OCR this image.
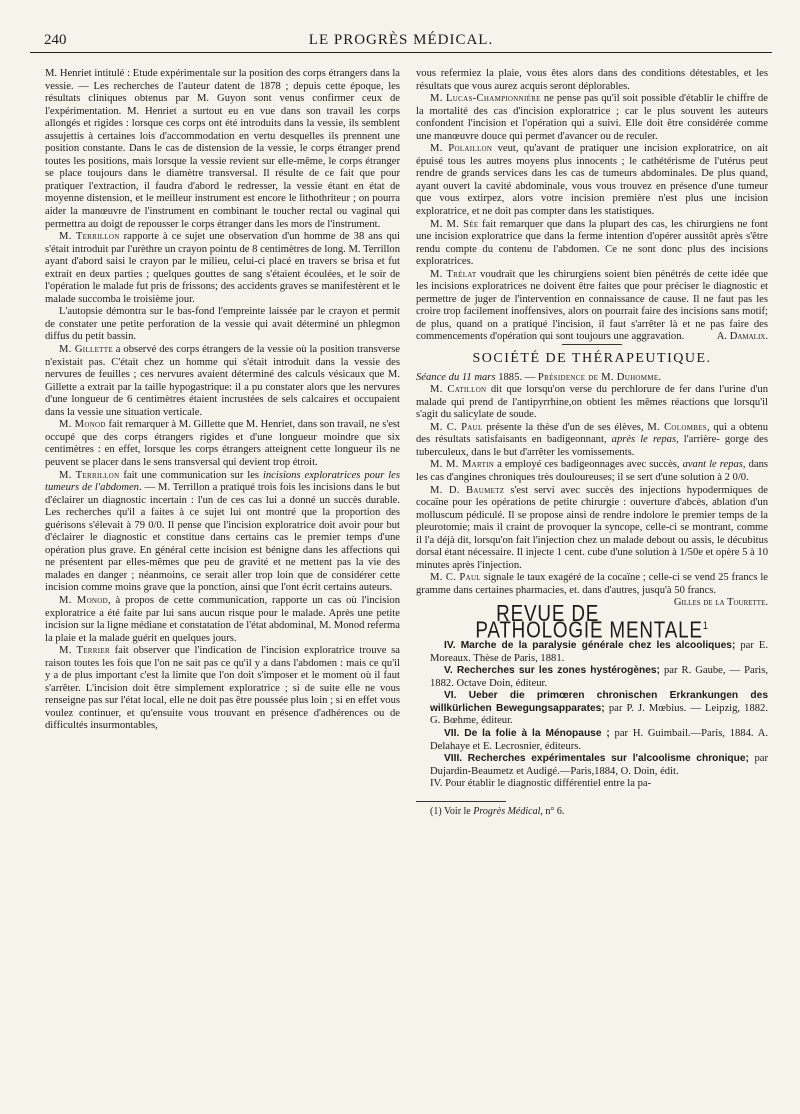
240	LE PROGRÈS MÉDICAL.

M. Henriet intitulé : Etude expérimentale sur la position des corps étrangers dans la vessie. — Les recherches de l'auteur datent de 1878 ; depuis cette époque, les résultats cliniques obtenus par M. Guyon sont venus confirmer ceux de l'expérimentation. M. Henriet a surtout eu en vue dans son travail les corps allongés et rigides : lorsque ces corps ont été introduits dans la vessie, ils semblent assujettis à certaines lois d'accommodation en vertu desquelles ils prennent une position constante. Dans le cas de distension de la vessie, le corps étranger prend toutes les positions, mais lorsque la vessie revient sur elle-même, le corps étranger se place toujours dans le diamètre transversal. Il résulte de ce fait que pour pratiquer l'extraction, il faudra d'abord le redresser, la vessie étant en état de moyenne distension, et le meilleur instrument est encore le lithothriteur ; on pourra aider la manœuvre de l'instrument en combinant le toucher rectal ou vaginal qui permettra au doigt de repousser le corps étranger dans les mors de l'instrument.

M. Terrillon rapporte à ce sujet une observation d'un homme de 38 ans qui s'était introduit par l'urèthre un crayon pointu de 8 centimètres de long. M. Terrillon ayant d'abord saisi le crayon par le milieu, celui-ci placé en travers se brisa et fut extrait en deux parties ; quelques gouttes de sang s'étaient écoulées, et le soir de l'opération le malade fut pris de frissons; des accidents graves se manifestèrent et le malade succomba le troisième jour.

L'autopsie démontra sur le bas-fond l'empreinte laissée par le crayon et permit de constater une petite perforation de la vessie qui avait déterminé un phlegmon diffus du petit bassin.

M. Gillette a observé des corps étrangers de la vessie où la position transverse n'existait pas. C'était chez un homme qui s'était introduit dans la vessie des nervures de feuilles ; ces nervures avaient déterminé des calculs vésicaux que M. Gillette a extrait par la taille hypogastrique: il a pu constater alors que les nervures d'une longueur de 6 centimètres étaient incrustées de sels calcaires et occupaient dans la vessie une situation verticale.

M. Monod fait remarquer à M. Gillette que M. Henriet, dans son travail, ne s'est occupé que des corps étrangers rigides et d'une longueur moindre que six centimètres : en effet, lorsque les corps étrangers atteignent cette longueur ils ne peuvent se placer dans le sens transversal qui devient trop étroit.

M. Terrillon fait une communication sur les incisions exploratrices pour les tumeurs de l'abdomen. — M. Terrillon a pratiqué trois fois les incisions dans le but d'éclairer un diagnostic incertain : l'un de ces cas lui a donné un succès durable. Les recherches qu'il a faites à ce sujet lui ont montré que la proportion des guérisons s'élevait à 79 0/0. Il pense que l'incision exploratrice doit avoir pour but d'éclairer le diagnostic et constitue dans certains cas le premier temps d'une opération plus grave. En général cette incision est bénigne dans les affections qui ne présentent par elles-mêmes que peu de gravité et ne mettent pas la vie des malades en danger ; néanmoins, ce serait aller trop loin que de considérer cette incision comme moins grave que la ponction, ainsi que l'ont écrit certains auteurs.

M. Monod, à propos de cette communication, rapporte un cas où l'incision exploratrice a été faite par lui sans aucun risque pour le malade. Après une petite incision sur la ligne médiane et constatation de l'état abdominal, M. Monod referma la plaie et la malade guérit en quelques jours.

M. Terrier fait observer que l'indication de l'incision exploratrice trouve sa raison toutes les fois que l'on ne sait pas ce qu'il y a dans l'abdomen : mais ce qu'il y a de plus important c'est la limite que l'on doit s'imposer et le moment où il faut s'arrêter. L'incision doit être simplement exploratrice ; si de suite elle ne vous renseigne pas sur l'état local, elle ne doit pas être poussée plus loin ; si en effet vous voulez continuer, et qu'ensuite vous trouvant en présence d'adhérences ou de difficultés insurmontables,

vous refermiez la plaie, vous êtes alors dans des conditions détestables, et les résultats que vous aurez acquis seront déplorables.

M. Lucas-Championnière ne pense pas qu'il soit possible d'établir le chiffre de la mortalité des cas d'incision exploratrice ; car le plus souvent les auteurs confondent l'incision et l'opération qui a suivi. Elle doit être considérée comme une manœuvre douce qui permet d'avancer ou de reculer.

M. Polaillon veut, qu'avant de pratiquer une incision exploratrice, on ait épuisé tous les autres moyens plus innocents ; le cathétérisme de l'utérus peut rendre de grands services dans les cas de tumeurs abdominales. De plus quand, ayant ouvert la cavité abdominale, vous vous trouvez en présence d'une tumeur que vous extirpez, alors votre incision première n'est plus une incision exploratrice, et ne doit pas compter dans les statistiques.

M. M. Sée fait remarquer que dans la plupart des cas, les chirurgiens ne font une incision exploratrice que dans la ferme intention d'opérer aussitôt après s'être rendu compte du contenu de l'abdomen. Ce ne sont donc plus des incisions exploratrices.

M. Trélat voudrait que les chirurgiens soient bien pénétrés de cette idée que les incisions exploratrices ne doivent être faites que pour préciser le diagnostic et permettre de juger de l'intervention en connaissance de cause. Il ne faut pas les croire trop facilement inoffensives, alors on pourrait faire des incisions sans motif; de plus, quand on a pratiqué l'incision, il faut s'arrêter là et ne pas faire des commencements d'opération qui sont toujours une aggravation.	A. Damalix.

SOCIÉTÉ DE THÉRAPEUTIQUE.

Séance du 11 mars 1885. — Présidence de M. Duhomme.

M. Catillon dit que lorsqu'on verse du perchlorure de fer dans l'urine d'un malade qui prend de l'antipyrrhine,on obtient les mêmes réactions que lorsqu'il s'agit du salicylate de soude.

M. C. Paul présente la thèse d'un de ses élèves, M. Colombes, qui a obtenu des résultats satisfaisants en badigeonnant, après le repas, l'arrière- gorge des tuberculeux, dans le but d'arrêter les vomissements.

M. M. Martin a employé ces badigeonnages avec succès, avant le repas, dans les cas d'angines chroniques très douloureuses; il se sert d'une solution à 2 0/0.

M. D. Baumetz s'est servi avec succès des injections hypodermiques de cocaïne pour les opérations de petite chirurgie : ouverture d'abcès, ablation d'un molluscum pédiculé. Il se propose ainsi de rendre indolore le premier temps de la pleurotomie; mais il craint de provoquer la syncope, celle-ci se montrant, comme il l'a déjà dit, lorsqu'on fait l'injection chez un malade debout ou assis, le décubitus dorsal étant nécessaire. Il injecte 1 cent. cube d'une solution à 1/50e et opère 5 à 10 minutes après l'injection.

M. C. Paul signale le taux exagéré de la cocaïne ; celle-ci se vend 25 francs le gramme dans certaines pharmacies, et. dans d'autres, jusqu'à 50 francs.
Gilles de la Tourette.

REVUE DE PATHOLOGIE MENTALE$^1$

IV. Marche de la paralysie générale chez les alcooliques; par E. Moreaux. Thèse de Paris, 1881.

V. Recherches sur les zones hystérogènes; par R. Gaube, — Paris, 1882. Octave Doin, éditeur.

VI. Ueber die primœren chronischen Erkrankungen des willkürlichen Bewegungsapparates; par P. J. Mœbius. — Leipzig, 1882. G. Bœhme, éditeur.

VII. De la folie à la Ménopause ; par H. Guimbail.—Paris, 1884. A. Delahaye et E. Lecrosnier, éditeurs.

VIII. Recherches expérimentales sur l'alcoolisme chronique; par Dujardin-Beaumetz et Audigé.—Paris,1884, O. Doin, édit.

IV. Pour établir le diagnostic différentiel entre la pa-

(1) Voir le Progrès Médical, n° 6.
